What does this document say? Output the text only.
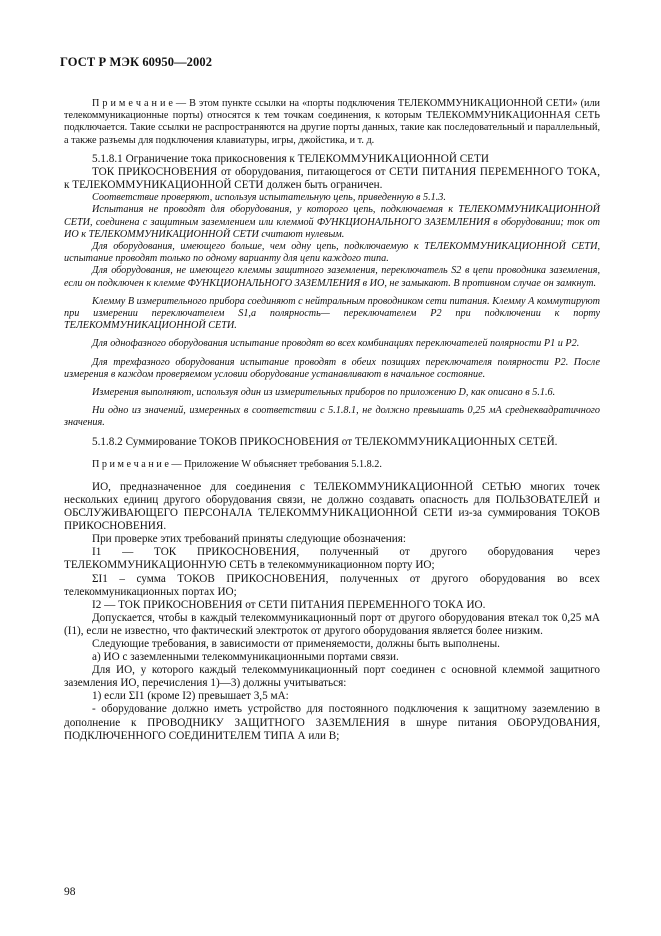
ГОСТ Р МЭК 60950—2002

П р и м е ч а н и е — В этом пункте ссылки на «порты подключения ТЕЛЕКОММУНИКАЦИОННОЙ СЕТИ» (или телекоммуникационные порты) относятся к тем точкам соединения, к которым ТЕЛЕКОММУНИКАЦИОННАЯ СЕТЬ подключается. Такие ссылки не распространяются на другие порты данных, такие как последовательный и параллельный, а также разъемы для подключения клавиатуры, игры, джойстика, и т. д.

5.1.8.1 Ограничение тока прикосновения к ТЕЛЕКОММУНИКАЦИОННОЙ СЕТИ

ТОК ПРИКОСНОВЕНИЯ от оборудования, питающегося от СЕТИ ПИТАНИЯ ПЕРЕМЕННОГО ТОКА, к ТЕЛЕКОММУНИКАЦИОННОЙ СЕТИ должен быть ограничен.

Соответствие проверяют, используя испытательную цепь, приведенную в 5.1.3.

Испытания не проводят для оборудования, у которого цепь, подключаемая к ТЕЛЕКОММУНИКАЦИОННОЙ СЕТИ, соединена с защитным заземлением или клеммой ФУНКЦИОНАЛЬНОГО ЗАЗЕМЛЕНИЯ в оборудовании; ток от ИО к ТЕЛЕКОММУНИКАЦИОННОЙ СЕТИ считают нулевым.

Для оборудования, имеющего больше, чем одну цепь, подключаемую к ТЕЛЕКОММУНИКАЦИОННОЙ СЕТИ, испытание проводят только по одному варианту для цепи каждого типа.

Для оборудования, не имеющего клеммы защитного заземления, переключатель S2 в цепи проводника заземления, если он подключен к клемме ФУНКЦИОНАЛЬНОГО ЗАЗЕМЛЕНИЯ в ИО, не замыкают. В противном случае он замкнут.

Клемму В измерительного прибора соединяют с нейтральным проводником сети питания. Клемму А коммутируют при измерении переключателем S1,a полярность— переключателем P2 при подключении к порту ТЕЛЕКОММУНИКАЦИОННОЙ СЕТИ.

Для однофазного оборудования испытание проводят во всех комбинациях переключателей полярности P1 и P2.

Для трехфазного оборудования испытание проводят в обеих позициях переключателя полярности P2. После измерения в каждом проверяемом условии оборудование устанавливают в начальное состояние.

Измерения выполняют, используя один из измерительных приборов по приложению D, как описано в 5.1.6.

Ни одно из значений, измеренных в соответствии с 5.1.8.1, не должно превышать 0,25 мА среднеквадратичного значения.

5.1.8.2 Суммирование ТОКОВ ПРИКОСНОВЕНИЯ от ТЕЛЕКОММУНИКАЦИОННЫХ СЕТЕЙ.

П р и м е ч а н и е — Приложение W объясняет требования 5.1.8.2.

ИО, предназначенное для соединения с ТЕЛЕКОММУНИКАЦИОННОЙ СЕТЬЮ многих точек нескольких единиц другого оборудования связи, не должно создавать опасность для ПОЛЬЗОВАТЕЛЕЙ и ОБСЛУЖИВАЮЩЕГО ПЕРСОНАЛА ТЕЛЕКОММУНИКАЦИОННОЙ СЕТИ из-за суммирования ТОКОВ ПРИКОСНОВЕНИЯ.

При проверке этих требований приняты следующие обозначения:

I1 — ТОК ПРИКОСНОВЕНИЯ, полученный от другого оборудования через ТЕЛЕКОММУНИКАЦИОННУЮ СЕТЬ в телекоммуникационном порту ИО;

ΣI1 – сумма ТОКОВ ПРИКОСНОВЕНИЯ, полученных от другого оборудования во всех телекоммуникационных портах ИО;

I2 — ТОК ПРИКОСНОВЕНИЯ от СЕТИ ПИТАНИЯ ПЕРЕМЕННОГО ТОКА ИО.

Допускается, чтобы в каждый телекоммуникационный порт от другого оборудования втекал ток 0,25 мА (I1), если не известно, что фактический электроток от другого оборудования является более низким.

Следующие требования, в зависимости от применяемости, должны быть выполнены.

а) ИО с заземленными телекоммуникационными портами связи.

Для ИО, у которого каждый телекоммуникационный порт соединен с основной клеммой защитного заземления ИО, перечисления 1)—3) должны учитываться:

1) если ΣI1 (кроме I2) превышает 3,5 мА:

- оборудование должно иметь устройство для постоянного подключения к защитному заземлению в дополнение к ПРОВОДНИКУ ЗАЩИТНОГО ЗАЗЕМЛЕНИЯ в шнуре питания ОБОРУДОВАНИЯ, ПОДКЛЮЧЕННОГО СОЕДИНИТЕЛЕМ ТИПА А или В;

98
